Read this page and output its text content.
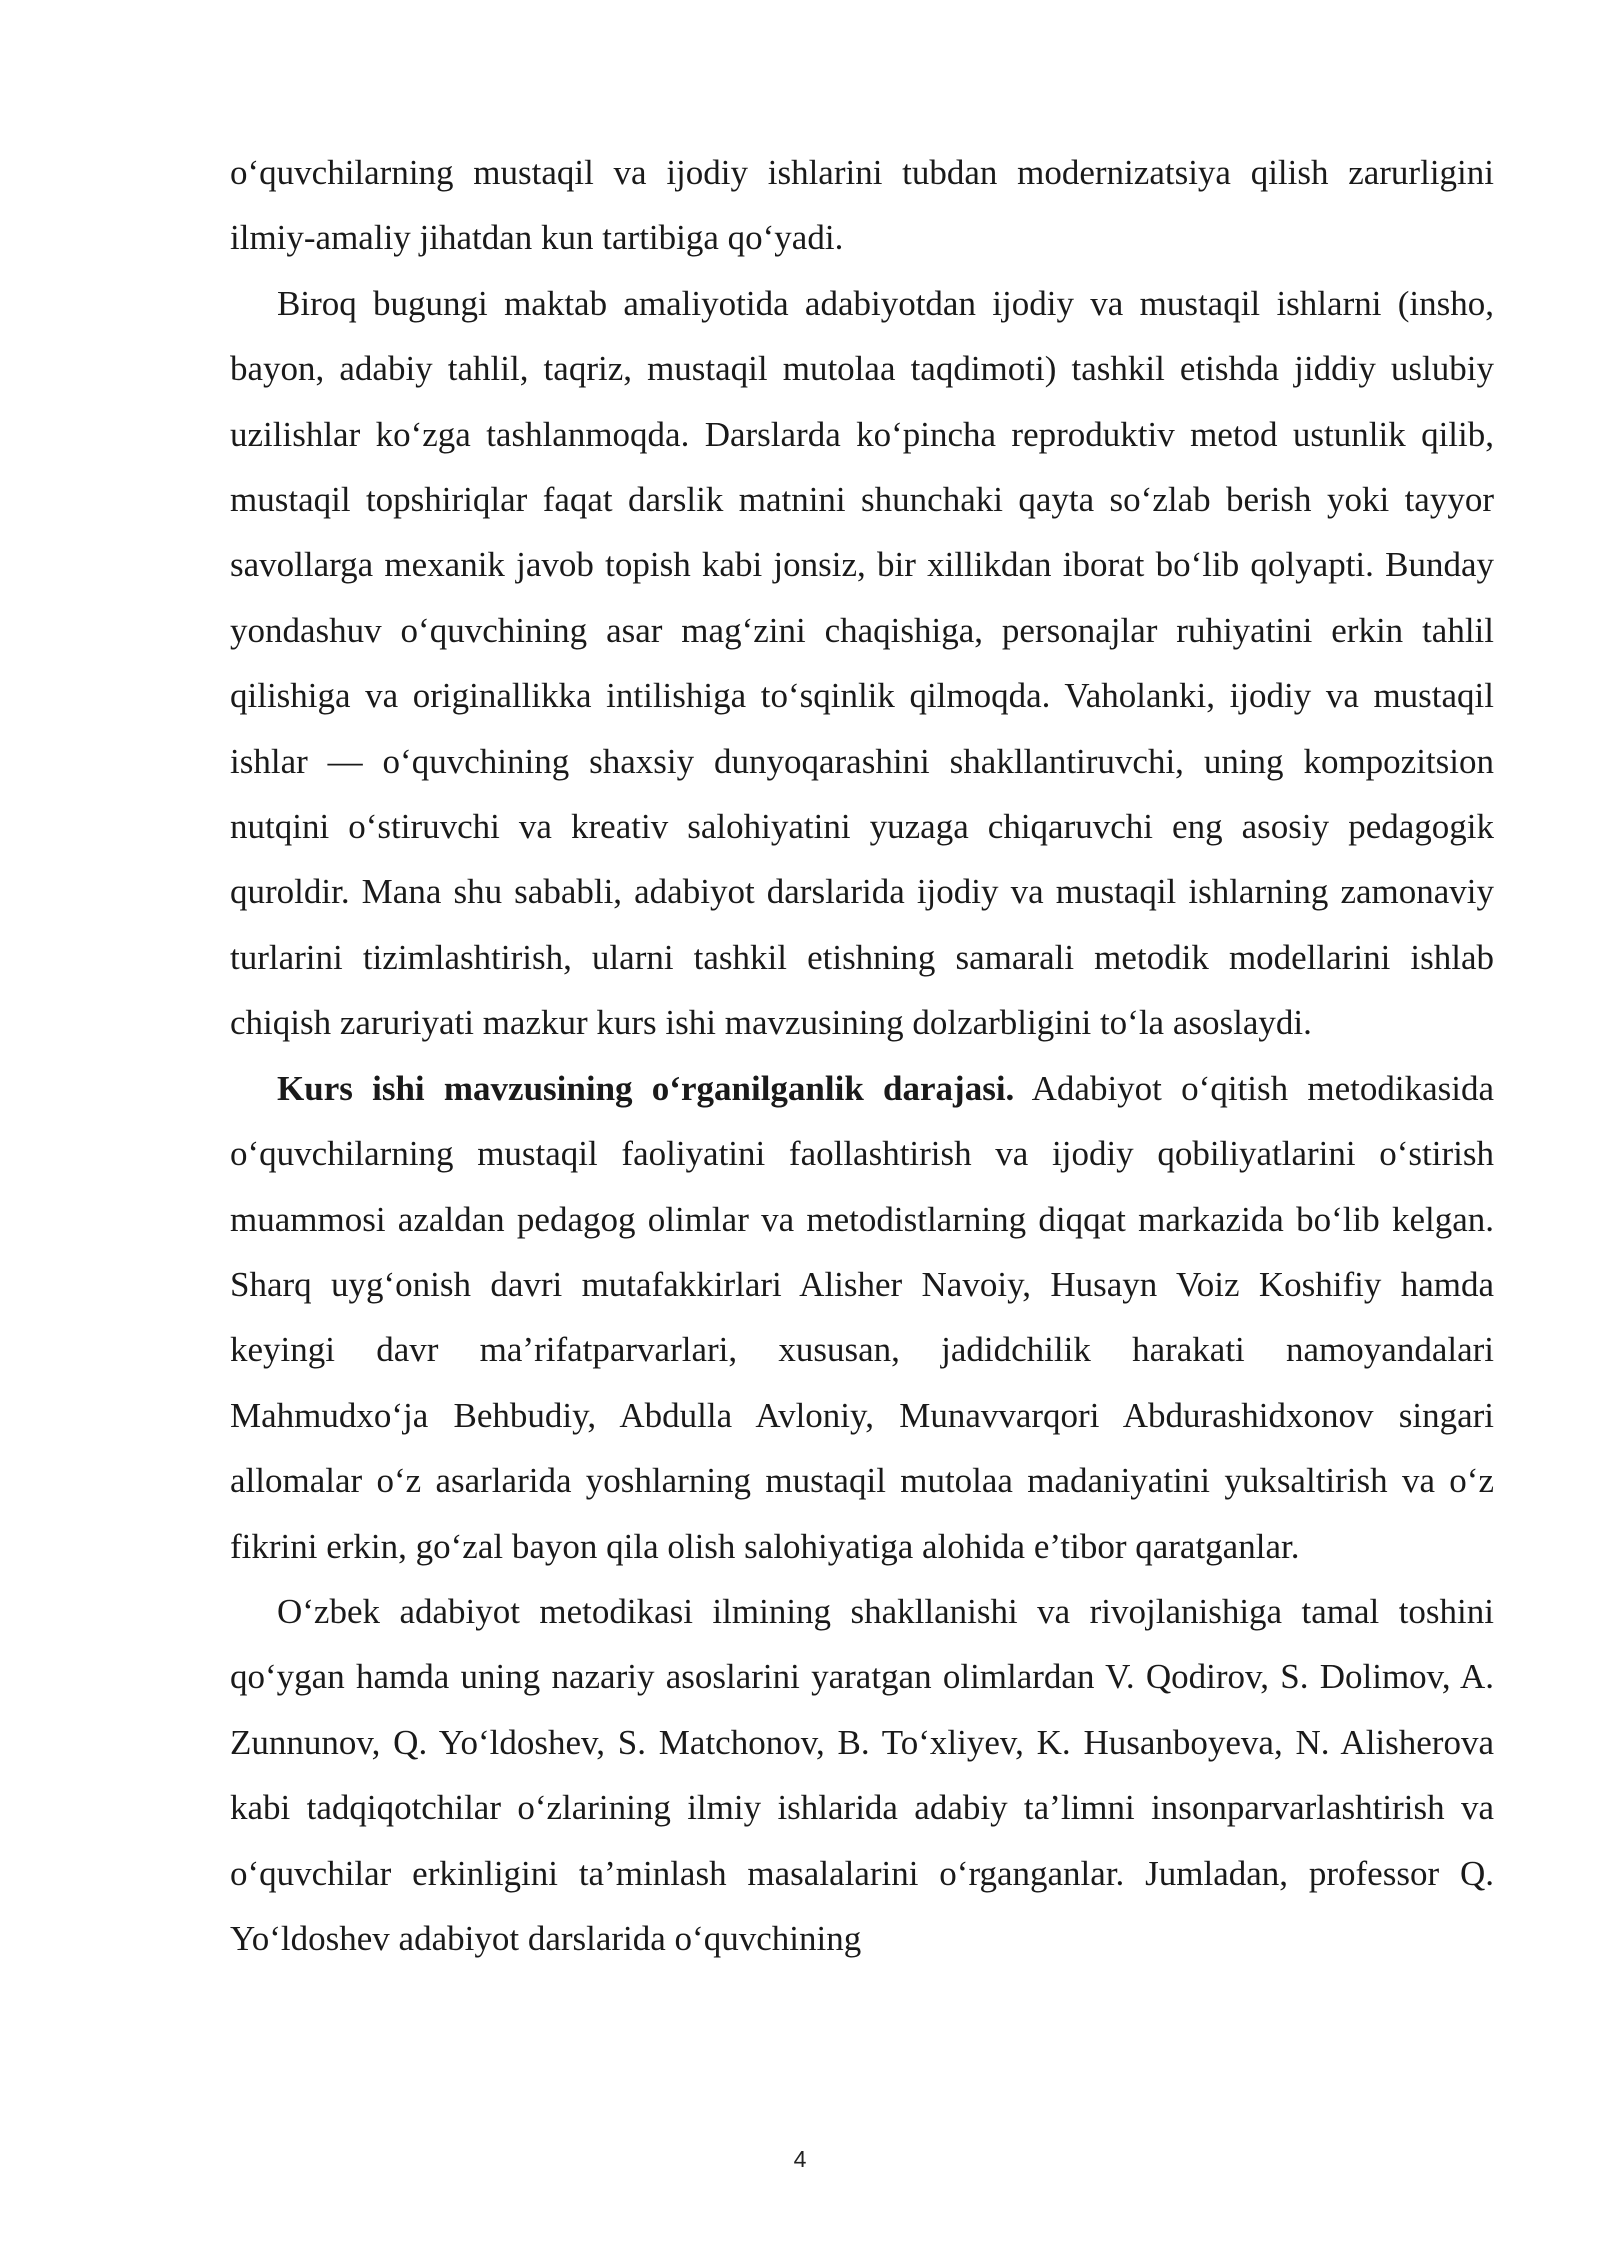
o‘quvchilarning mustaqil va ijodiy ishlarini tubdan modernizatsiya qilish zarurligini ilmiy-amaliy jihatdan kun tartibiga qo‘yadi.

Biroq bugungi maktab amaliyotida adabiyotdan ijodiy va mustaqil ishlarni (insho, bayon, adabiy tahlil, taqriz, mustaqil mutolaa taqdimoti) tashkil etishda jiddiy uslubiy uzilishlar ko‘zga tashlanmoqda. Darslarda ko‘pincha reproduktiv metod ustunlik qilib, mustaqil topshiriqlar faqat darslik matnini shunchaki qayta so‘zlab berish yoki tayyor savollarga mexanik javob topish kabi jonsiz, bir xillikdan iborat bo‘lib qolyapti. Bunday yondashuv o‘quvchining asar mag‘zini chaqishiga, personajlar ruhiyatini erkin tahlil qilishiga va originallikka intilishiga to‘sqinlik qilmoqda. Vaholanki, ijodiy va mustaqil ishlar — o‘quvchining shaxsiy dunyoqarashini shakllantiruvchi, uning kompozitsion nutqini o‘stiruvchi va kreativ salohiyatini yuzaga chiqaruvchi eng asosiy pedagogik quroldir. Mana shu sababli, adabiyot darslarida ijodiy va mustaqil ishlarning zamonaviy turlarini tizimlashtirish, ularni tashkil etishning samarali metodik modellarini ishlab chiqish zaruriyati mazkur kurs ishi mavzusining dolzarbligini to‘la asoslaydi.

Kurs ishi mavzusining o‘rganilganlik darajasi. Adabiyot o‘qitish metodikasida o‘quvchilarning mustaqil faoliyatini faollashtirish va ijodiy qobiliyatlarini o‘stirish muammosi azaldan pedagog olimlar va metodistlarning diqqat markazida bo‘lib kelgan. Sharq uyg‘onish davri mutafakkirlari Alisher Navoiy, Husayn Voiz Koshifiy hamda keyingi davr ma’rifatparvarlari, xususan, jadidchilik harakati namoyandalari Mahmudxo‘ja Behbudiy, Abdulla Avloniy, Munavvarqori Abdurashidxonov singari allomalar o‘z asarlarida yoshlarning mustaqil mutolaa madaniyatini yuksaltirish va o‘z fikrini erkin, go‘zal bayon qila olish salohiyatiga alohida e’tibor qaratganlar.

O‘zbek adabiyot metodikasi ilmining shakllanishi va rivojlanishiga tamal toshini qo‘ygan hamda uning nazariy asoslarini yaratgan olimlardan V. Qodirov, S. Dolimov, A. Zunnunov, Q. Yo‘ldoshev, S. Matchonov, B. To‘xliyev, K. Husanboyeva, N. Alisherova kabi tadqiqotchilar o‘zlarining ilmiy ishlarida adabiy ta’limni insonparvarlashtirish va o‘quvchilar erkinligini ta’minlash masalalarini o‘rganganlar. Jumladan, professor Q. Yo‘ldoshev adabiyot darslarida o‘quvchining

4
